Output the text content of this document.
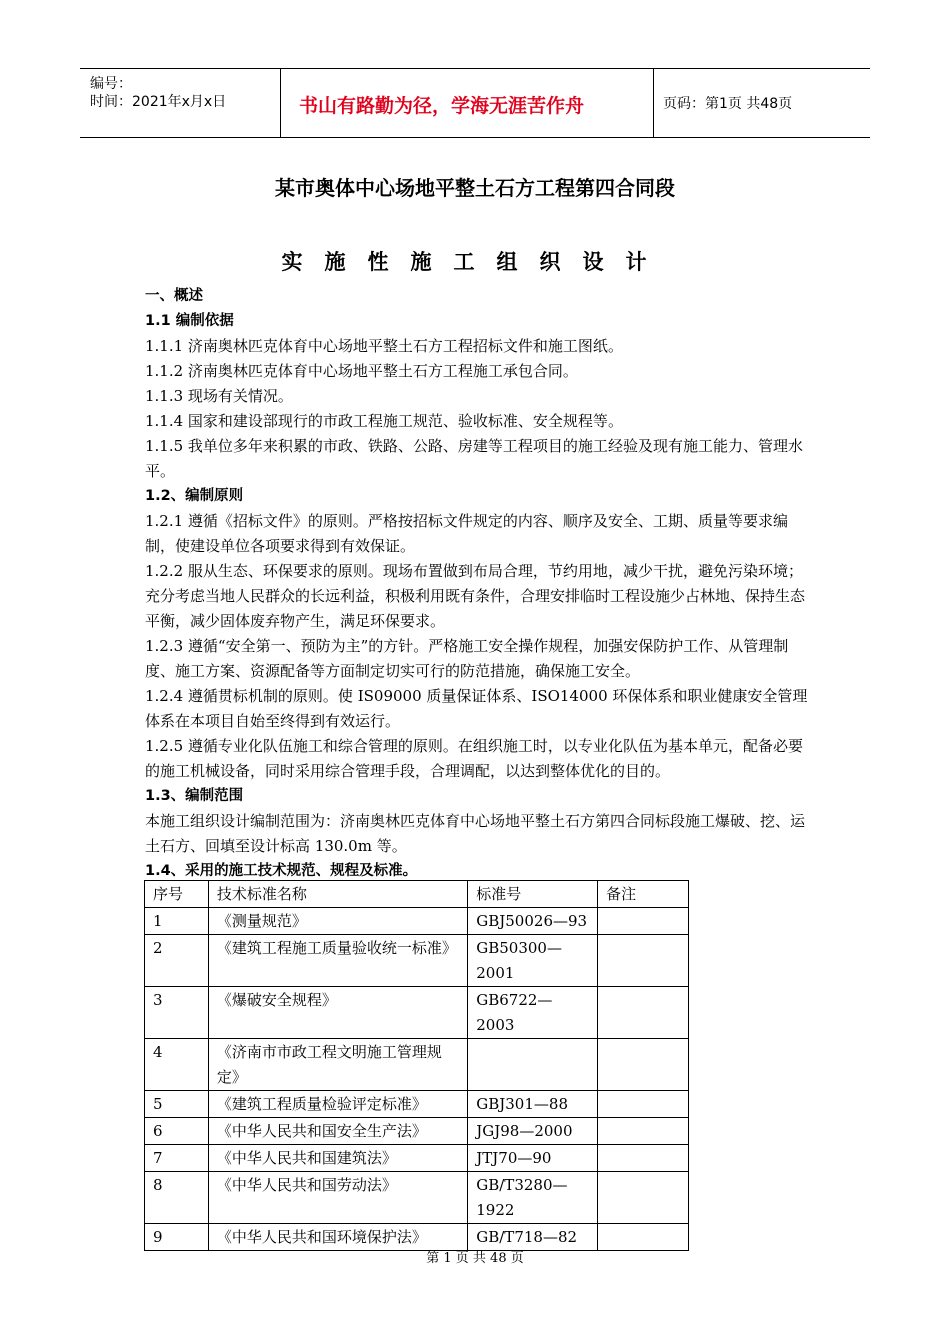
编号：
时间：2021年x月x日	书山有路勤为径，学海无涯苦作舟	页码：第1页 共48页
某市奥体中心场地平整土石方工程第四合同段
实施性施工组织设计

一、概述

1.1 编制依据

1.1.1 济南奥林匹克体育中心场地平整土石方工程招标文件和施工图纸。

1.1.2 济南奥林匹克体育中心场地平整土石方工程施工承包合同。

1.1.3 现场有关情况。

1.1.4 国家和建设部现行的市政工程施工规范、验收标准、安全规程等。

1.1.5 我单位多年来积累的市政、铁路、公路、房建等工程项目的施工经验及现有施工能力、管理水平。

1.2、编制原则

1.2.1 遵循《招标文件》的原则。严格按招标文件规定的内容、顺序及安全、工期、质量等要求编制，使建设单位各项要求得到有效保证。

1.2.2 服从生态、环保要求的原则。现场布置做到布局合理，节约用地，减少干扰，避免污染环境；充分考虑当地人民群众的长远利益，积极利用既有条件，合理安排临时工程设施少占林地、保持生态平衡，减少固体废弃物产生，满足环保要求。

1.2.3 遵循“安全第一、预防为主”的方针。严格施工安全操作规程，加强安保防护工作、从管理制度、施工方案、资源配备等方面制定切实可行的防范措施，确保施工安全。

1.2.4 遵循贯标机制的原则。使 IS09000 质量保证体系、ISO14000 环保体系和职业健康安全管理体系在本项目自始至终得到有效运行。

1.2.5 遵循专业化队伍施工和综合管理的原则。在组织施工时，以专业化队伍为基本单元，配备必要的施工机械设备，同时采用综合管理手段，合理调配，以达到整体优化的目的。

1.3、编制范围

本施工组织设计编制范围为：济南奥林匹克体育中心场地平整土石方第四合同标段施工爆破、挖、运土石方、回填至设计标高 130.0m 等。

1.4、采用的施工技术规范、规程及标准。

序号	技术标准名称	标准号	备注
1	《测量规范》	GBJ50026—93	
2	《建筑工程施工质量验收统一标准》	GB50300—2001	
3	《爆破安全规程》	GB6722—2003	
4	《济南市市政工程文明施工管理规定》		
5	《建筑工程质量检验评定标准》	GBJ301—88	
6	《中华人民共和国安全生产法》	JGJ98—2000	
7	《中华人民共和国建筑法》	JTJ70—90	
8	《中华人民共和国劳动法》	GB/T3280—1922	
9	《中华人民共和国环境保护法》	GB/T718—82	
第 1 页 共 48 页
